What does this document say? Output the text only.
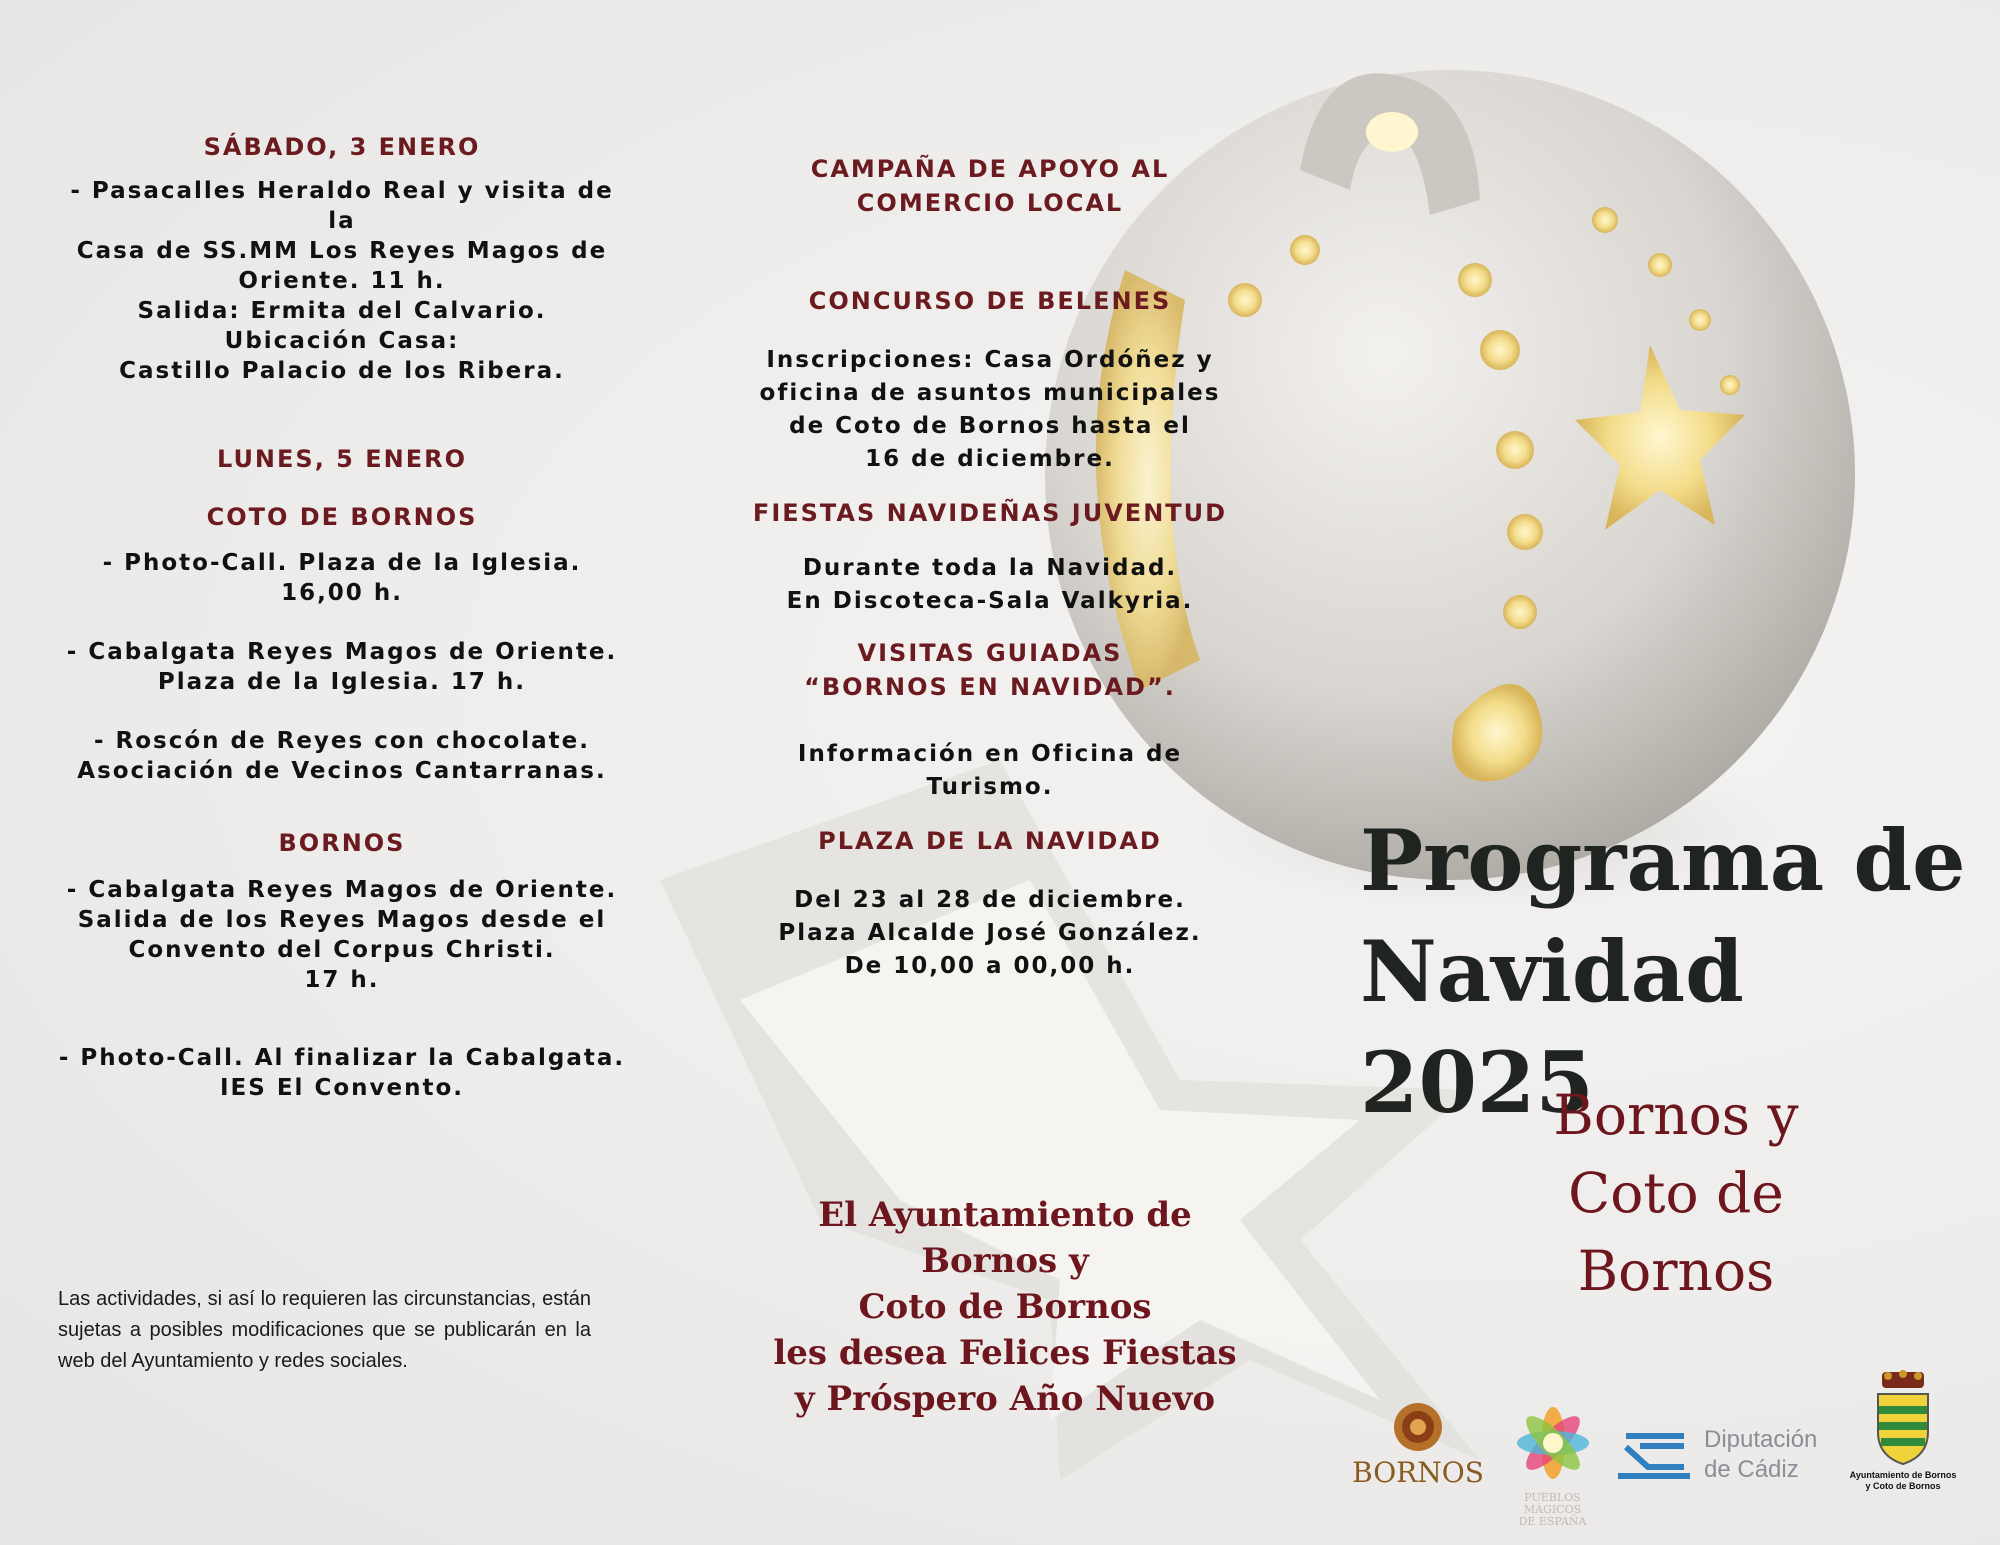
SÁBADO, 3 ENERO

- Pasacalles Heraldo Real y visita de la
Casa de SS.MM Los Reyes Magos de
Oriente. 11 h.
Salida: Ermita del Calvario.
Ubicación Casa:
Castillo Palacio de los Ribera.

LUNES, 5 ENERO

COTO DE BORNOS

- Photo-Call. Plaza de la Iglesia.
16,00 h.

- Cabalgata Reyes Magos de Oriente.
Plaza de la Iglesia. 17 h.

- Roscón de Reyes con chocolate.
Asociación de Vecinos Cantarranas.

BORNOS

- Cabalgata Reyes Magos de Oriente.
Salida de los Reyes Magos desde el
Convento del Corpus Christi.
17 h.

- Photo-Call. Al finalizar la Cabalgata.
IES El Convento.

Las actividades, si así lo requieren las circunstancias, están sujetas a posibles modificaciones que se publicarán en la web del Ayuntamiento y redes sociales.

CAMPAÑA DE APOYO AL
COMERCIO LOCAL

CONCURSO DE BELENES

Inscripciones: Casa Ordóñez y
oficina de asuntos municipales
de Coto de Bornos hasta el
16 de diciembre.

FIESTAS NAVIDEÑAS JUVENTUD

Durante toda la Navidad.
En Discoteca-Sala Valkyria.

VISITAS GUIADAS
“BORNOS EN NAVIDAD”.

Información en Oficina de
Turismo.

PLAZA DE LA NAVIDAD

Del 23 al 28 de diciembre.
Plaza Alcalde José González.
De 10,00 a 00,00 h.

El Ayuntamiento de Bornos y
Coto de Bornos
les desea Felices Fiestas
y Próspero Año Nuevo

Programa de
Navidad 2025

Bornos y
Coto de Bornos

BORNOS
PUEBLOS
MÁGICOS
DE ESPAÑA
Diputación
de Cádiz	Ayuntamiento de Bornos
y Coto de Bornos
